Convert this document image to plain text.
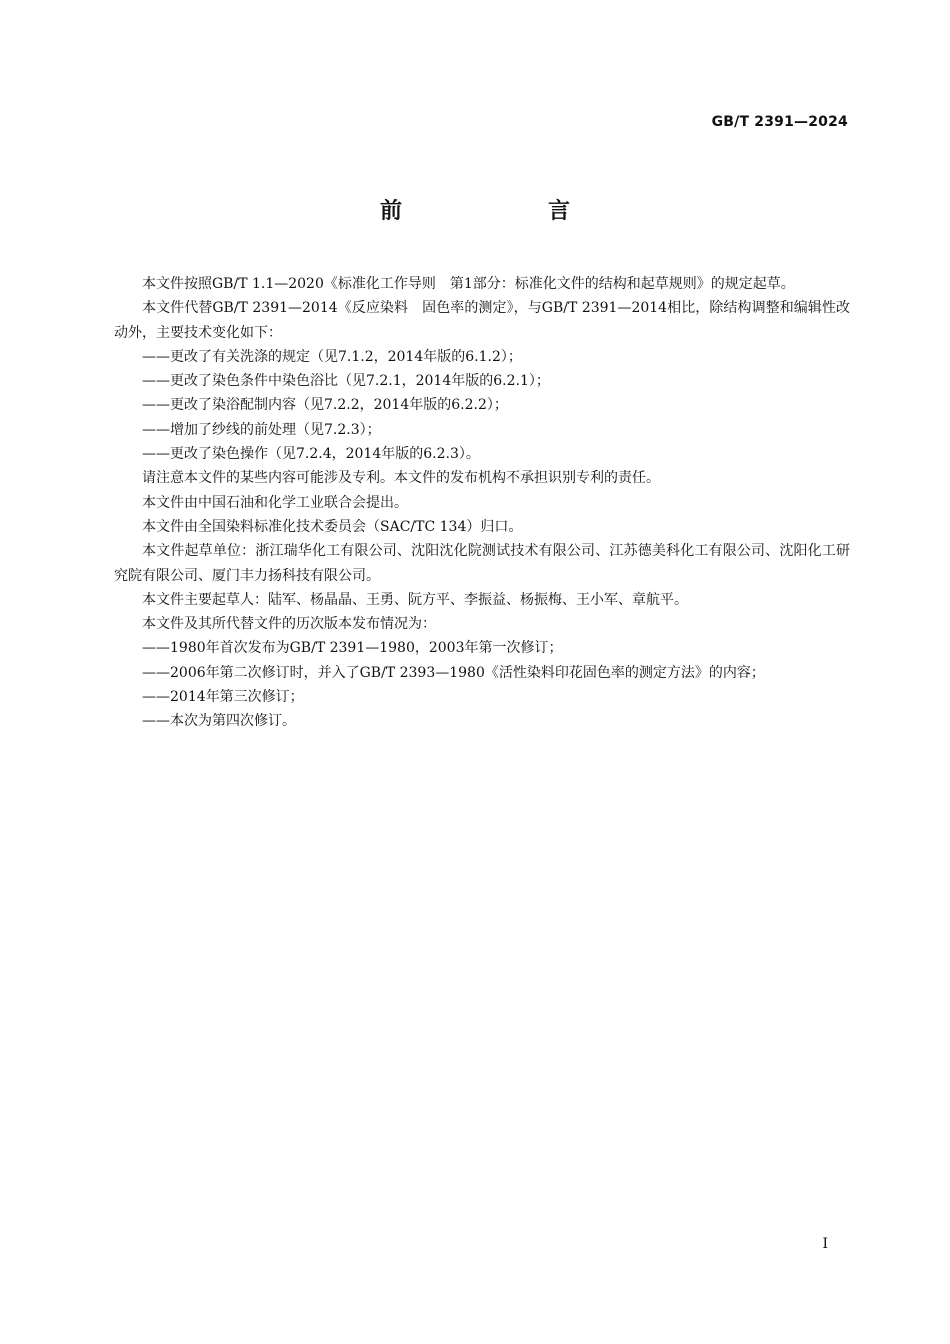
GB/T 2391—2024
前　言

本文件按照GB/T 1.1—2020《标准化工作导则　第1部分：标准化文件的结构和起草规则》的规定起草。

本文件代替GB/T 2391—2014《反应染料　固色率的测定》，与GB/T 2391—2014相比，除结构调整和编辑性改动外，主要技术变化如下：

——更改了有关洗涤的规定（见7.1.2，2014年版的6.1.2）；

——更改了染色条件中染色浴比（见7.2.1，2014年版的6.2.1）；

——更改了染浴配制内容（见7.2.2，2014年版的6.2.2）；

——增加了纱线的前处理（见7.2.3）；

——更改了染色操作（见7.2.4，2014年版的6.2.3）。

请注意本文件的某些内容可能涉及专利。本文件的发布机构不承担识别专利的责任。

本文件由中国石油和化学工业联合会提出。

本文件由全国染料标准化技术委员会（SAC/TC 134）归口。

本文件起草单位：浙江瑞华化工有限公司、沈阳沈化院测试技术有限公司、江苏德美科化工有限公司、沈阳化工研究院有限公司、厦门丰力扬科技有限公司。

本文件主要起草人：陆军、杨晶晶、王勇、阮方平、李振益、杨振梅、王小军、章航平。

本文件及其所代替文件的历次版本发布情况为：

——1980年首次发布为GB/T 2391—1980，2003年第一次修订；

——2006年第二次修订时，并入了GB/T 2393—1980《活性染料印花固色率的测定方法》的内容；

——2014年第三次修订；

——本次为第四次修订。

I
